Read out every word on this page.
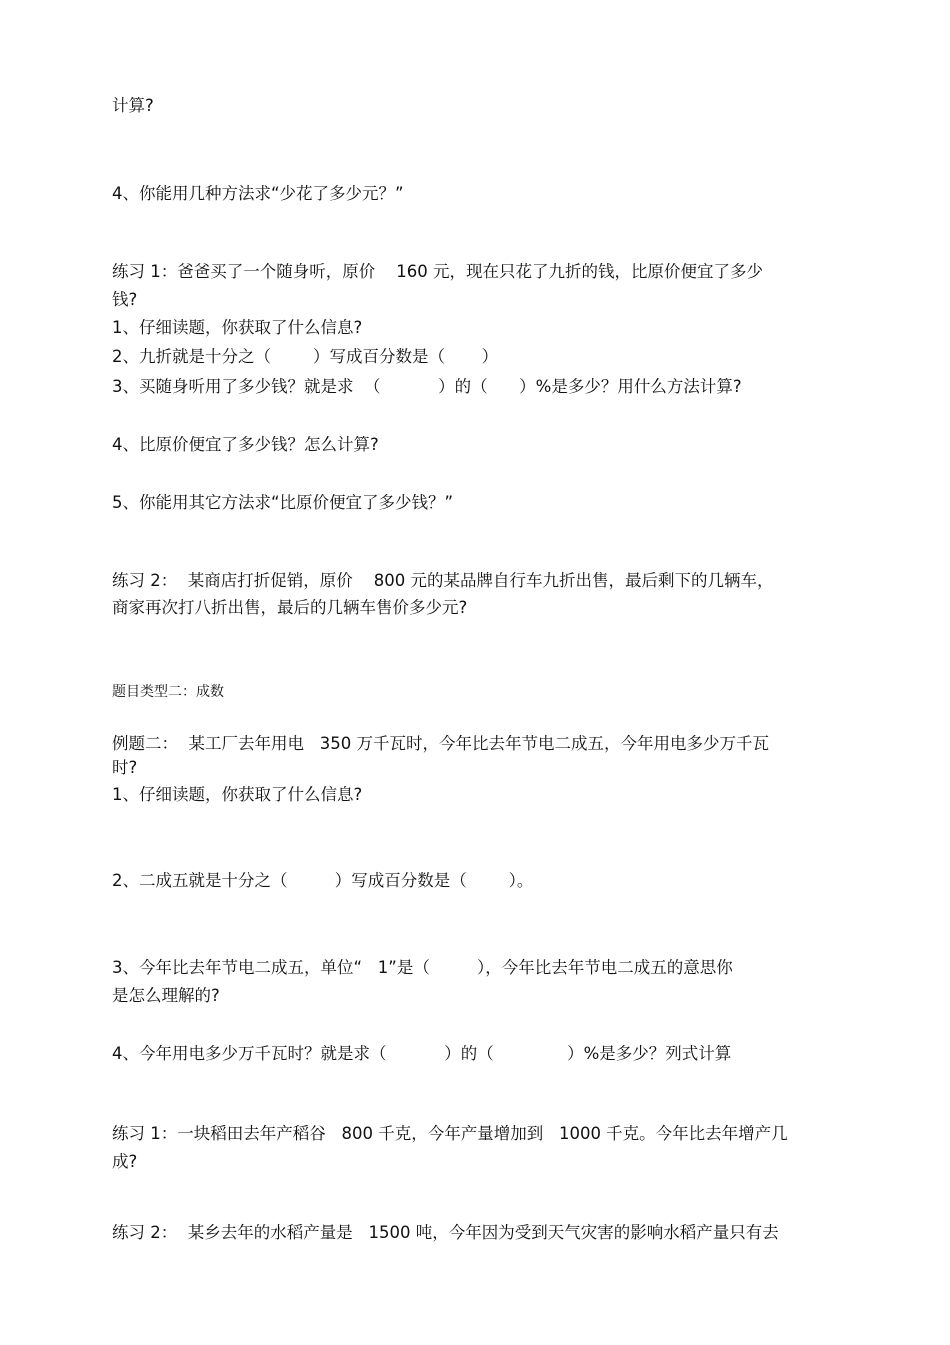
计算?
4、你能用几种方法求“少花了多少元？”
练习 1：爸爸买了一个随身听，原价    160 元，现在只花了九折的钱，比原价便宜了多少
钱?
1、仔细读题，你获取了什么信息?
2、九折就是十分之（        ）写成百分数是（       ）
3、买随身听用了多少钱？就是求  （           ）的（      ）%是多少？用什么方法计算?
4、比原价便宜了多少钱？怎么计算?
5、你能用其它方法求“比原价便宜了多少钱？”
练习 2：  某商店打折促销，原价    800 元的某品牌自行车九折出售，最后剩下的几辆车，
商家再次打八折出售，最后的几辆车售价多少元?
题目类型二：成数
例题二：  某工厂去年用电   350 万千瓦时，今年比去年节电二成五，今年用电多少万千瓦
时?
1、仔细读题，你获取了什么信息?
2、二成五就是十分之（         ）写成百分数是（        ）。
3、今年比去年节电二成五，单位“   1”是（         ），今年比去年节电二成五的意思你
是怎么理解的?
4、今年用电多少万千瓦时？就是求（           ）的（              ）%是多少？列式计算
练习 1：一块稻田去年产稻谷   800 千克，今年产量增加到   1000 千克。今年比去年增产几
成?
练习 2：  某乡去年的水稻产量是   1500 吨，今年因为受到天气灾害的影响水稻产量只有去
